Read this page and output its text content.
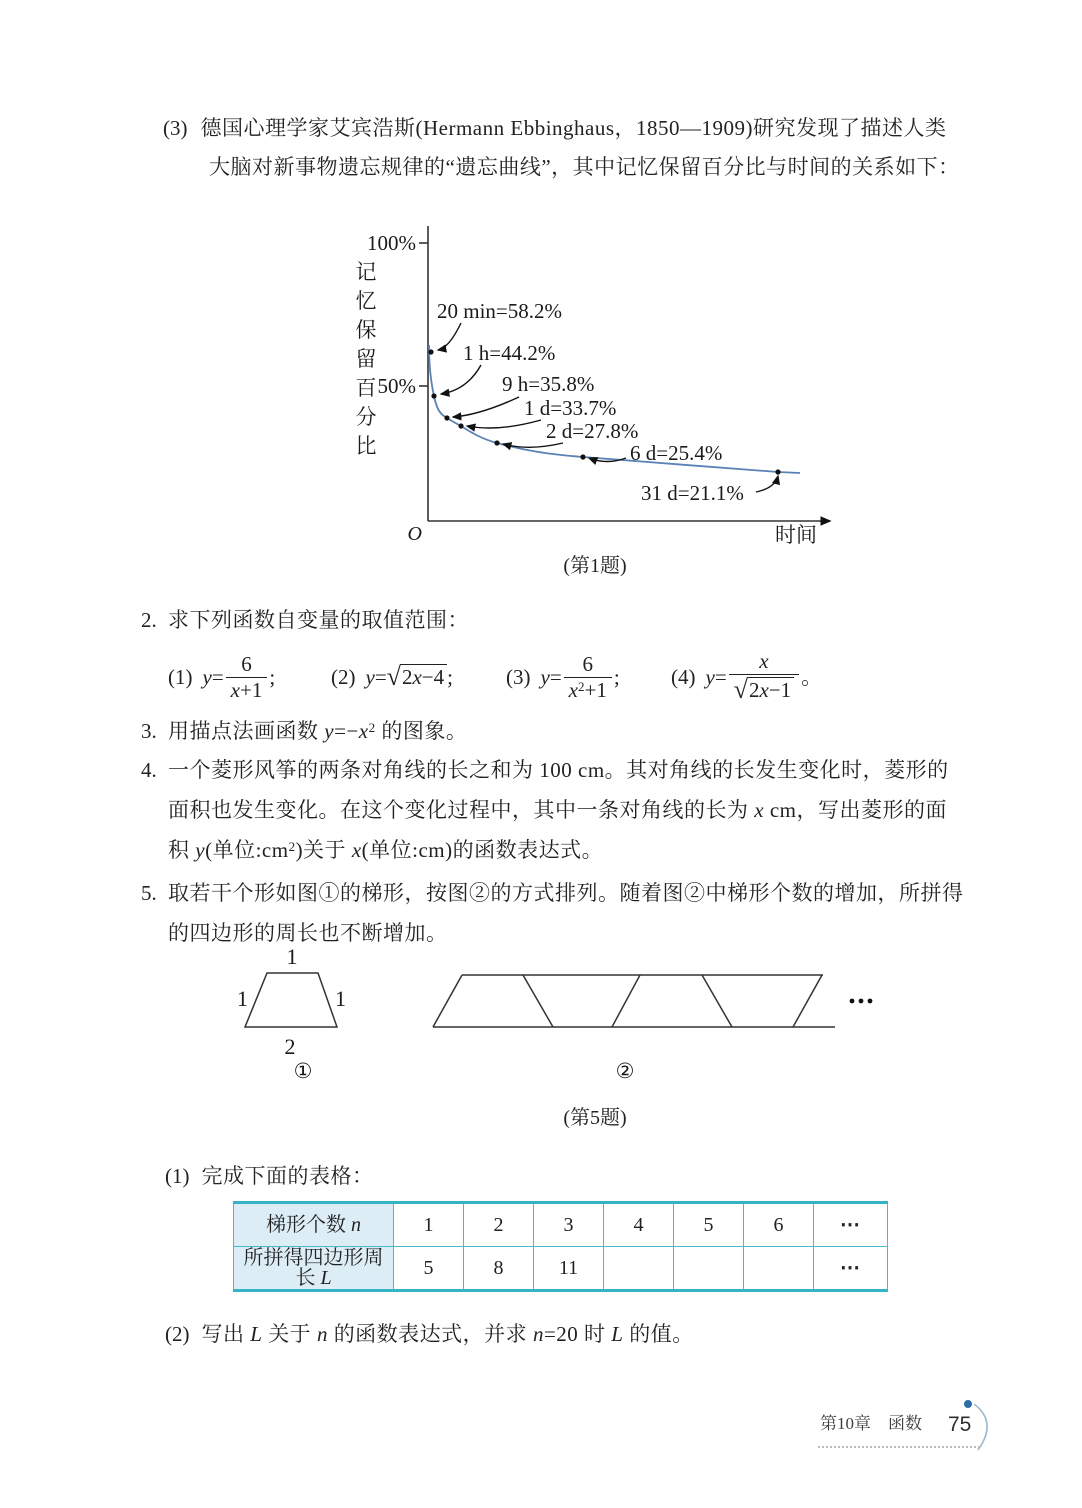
(3) 德国心理学家艾宾浩斯(Hermann Ebbinghaus，1850—1909)研究发现了描述人类
大脑对新事物遗忘规律的“遗忘曲线”，其中记忆保留百分比与时间的关系如下：
100%
50%
记
忆
保
留
百
分
比
O	时间
20 min=58.2%
1 h=44.2%
9 h=35.8%
1 d=33.7%
2 d=27.8%
6 d=25.4%
31 d=21.1%
(第1题)
2. 求下列函数自变量的取值范围：
(1) $y = \frac{6}{x+1}$ ;	(2) y = √ 2x−4 ;	(3) $y = \frac{6}{x^2+1}$ ; (4) $y = \frac{x}{√ 2x-1}$ 。
3. 用描点法画函数 $y=-x^2$ 的图象。
4. 一个菱形风筝的两条对角线的长之和为 100 cm。其对角线的长发生变化时，菱形的
面积也发生变化。在这个变化过程中，其中一条对角线的长为 x cm，写出菱形的面
积 y(单位$:cm^2$)关于 x(单位:cm)的函数表达式。
5. 取若干个形如图①的梯形，按图②的方式排列。随着图②中梯形个数的增加，所拼得
的四边形的周长也不断增加。
1
1	1
2
①	②
(第5题)
(1) 完成下面的表格：
梯形个数 n	1	2	3	4	5	6	⋯
所拼得四边形周长 L	5	8	11				⋯
(2) 写出 L 关于 n 的函数表达式，并求 n=20 时 L 的值。
第10章 函数 75
